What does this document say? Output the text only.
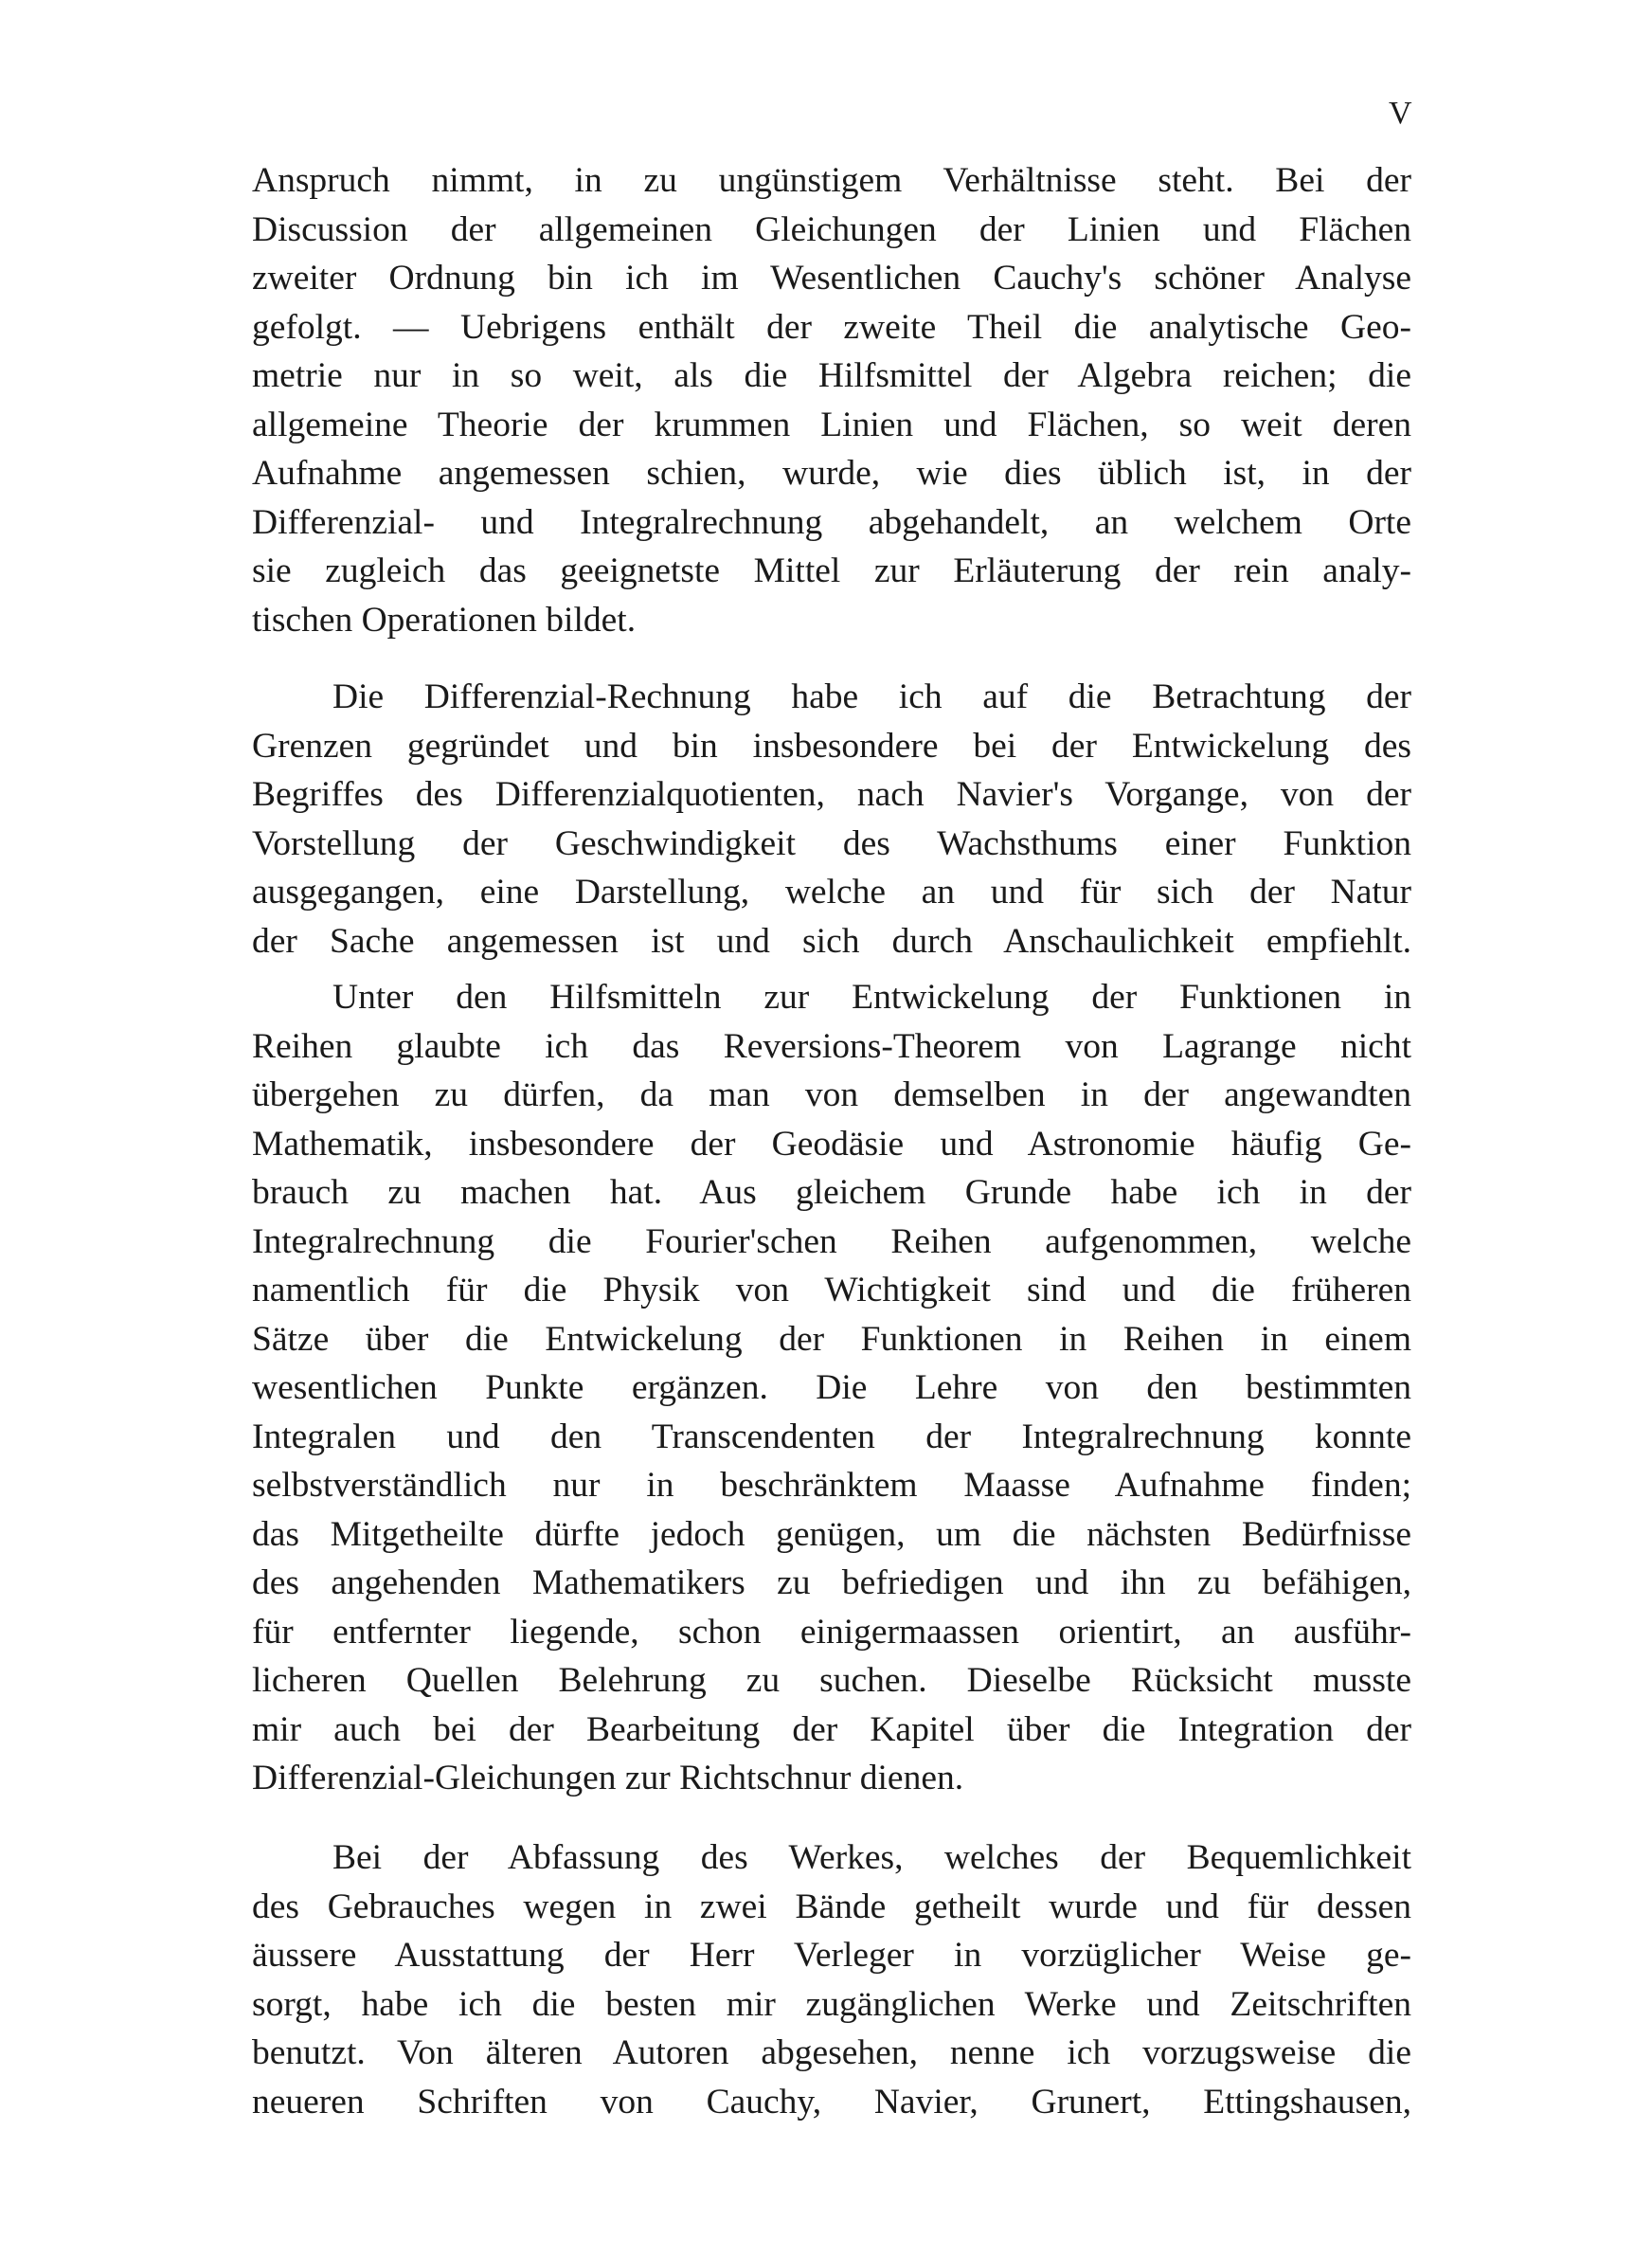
V
Anspruch nimmt, in zu ungünstigem Verhältnisse steht. Bei der
Discussion der allgemeinen Gleichungen der Linien und Flächen
zweiter Ordnung bin ich im Wesentlichen Cauchy's schöner Analyse
gefolgt. — Uebrigens enthält der zweite Theil die analytische Geo-
metrie nur in so weit, als die Hilfsmittel der Algebra reichen; die
allgemeine Theorie der krummen Linien und Flächen, so weit deren
Aufnahme angemessen schien, wurde, wie dies üblich ist, in der
Differenzial- und Integralrechnung abgehandelt, an welchem Orte
sie zugleich das geeignetste Mittel zur Erläuterung der rein analy-
tischen Operationen bildet.
Die Differenzial-Rechnung habe ich auf die Betrachtung der
Grenzen gegründet und bin insbesondere bei der Entwickelung des
Begriffes des Differenzialquotienten, nach Navier's Vorgange, von der
Vorstellung der Geschwindigkeit des Wachsthums einer Funktion
ausgegangen, eine Darstellung, welche an und für sich der Natur
der Sache angemessen ist und sich durch Anschaulichkeit empfiehlt.
Unter den Hilfsmitteln zur Entwickelung der Funktionen in
Reihen glaubte ich das Reversions-Theorem von Lagrange nicht
übergehen zu dürfen, da man von demselben in der angewandten
Mathematik, insbesondere der Geodäsie und Astronomie häufig Ge-
brauch zu machen hat. Aus gleichem Grunde habe ich in der
Integralrechnung die Fourier'schen Reihen aufgenommen, welche
namentlich für die Physik von Wichtigkeit sind und die früheren
Sätze über die Entwickelung der Funktionen in Reihen in einem
wesentlichen Punkte ergänzen. Die Lehre von den bestimmten
Integralen und den Transcendenten der Integralrechnung konnte
selbstverständlich nur in beschränktem Maasse Aufnahme finden;
das Mitgetheilte dürfte jedoch genügen, um die nächsten Bedürfnisse
des angehenden Mathematikers zu befriedigen und ihn zu befähigen,
für entfernter liegende, schon einigermaassen orientirt, an ausführ-
licheren Quellen Belehrung zu suchen. Dieselbe Rücksicht musste
mir auch bei der Bearbeitung der Kapitel über die Integration der
Differenzial-Gleichungen zur Richtschnur dienen.
Bei der Abfassung des Werkes, welches der Bequemlichkeit
des Gebrauches wegen in zwei Bände getheilt wurde und für dessen
äussere Ausstattung der Herr Verleger in vorzüglicher Weise ge-
sorgt, habe ich die besten mir zugänglichen Werke und Zeitschriften
benutzt. Von älteren Autoren abgesehen, nenne ich vorzugsweise die
neueren Schriften von Cauchy, Navier, Grunert, Ettingshausen,
